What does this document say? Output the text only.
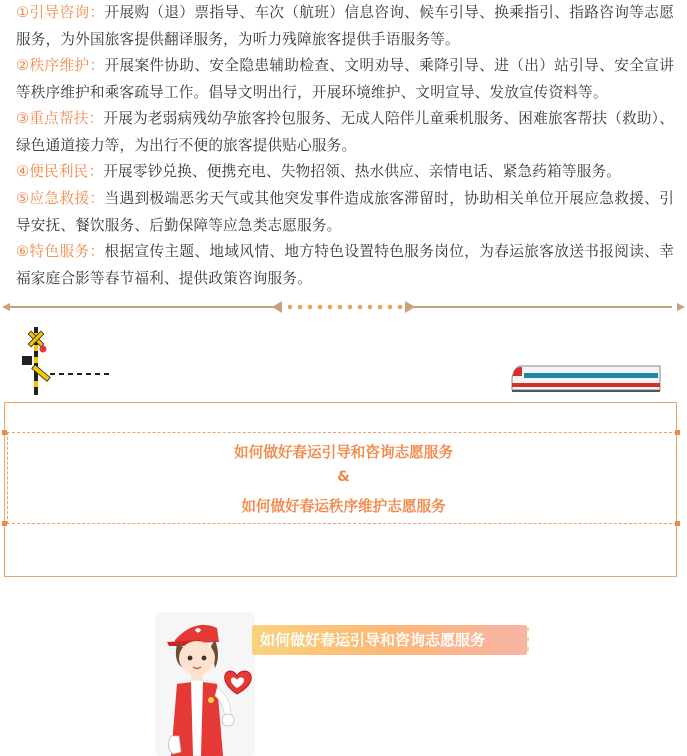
①引导咨询：开展购（退）票指导、车次（航班）信息咨询、候车引导、换乘指引、指路咨询等志愿服务，为外国旅客提供翻译服务，为听力残障旅客提供手语服务等。

②秩序维护：开展案件协助、安全隐患辅助检查、文明劝导、乘降引导、进（出）站引导、安全宣讲等秩序维护和乘客疏导工作。倡导文明出行，开展环境维护、文明宣导、发放宣传资料等。

③重点帮扶：开展为老弱病残幼孕旅客拎包服务、无成人陪伴儿童乘机服务、困难旅客帮扶（救助）、绿色通道接力等，为出行不便的旅客提供贴心服务。

④便民利民：开展零钞兑换、便携充电、失物招领、热水供应、亲情电话、紧急药箱等服务。

⑤应急救援：当遇到极端恶劣天气或其他突发事件造成旅客滞留时，协助相关单位开展应急救援、引导安抚、餐饮服务、后勤保障等应急类志愿服务。

⑥特色服务：根据宣传主题、地域风情、地方特色设置特色服务岗位，为春运旅客放送书报阅读、幸福家庭合影等春节福利、提供政策咨询服务。

如何做好春运引导和咨询志愿服务
&
如何做好春运秩序维护志愿服务
如何做好春运引导和咨询志愿服务
